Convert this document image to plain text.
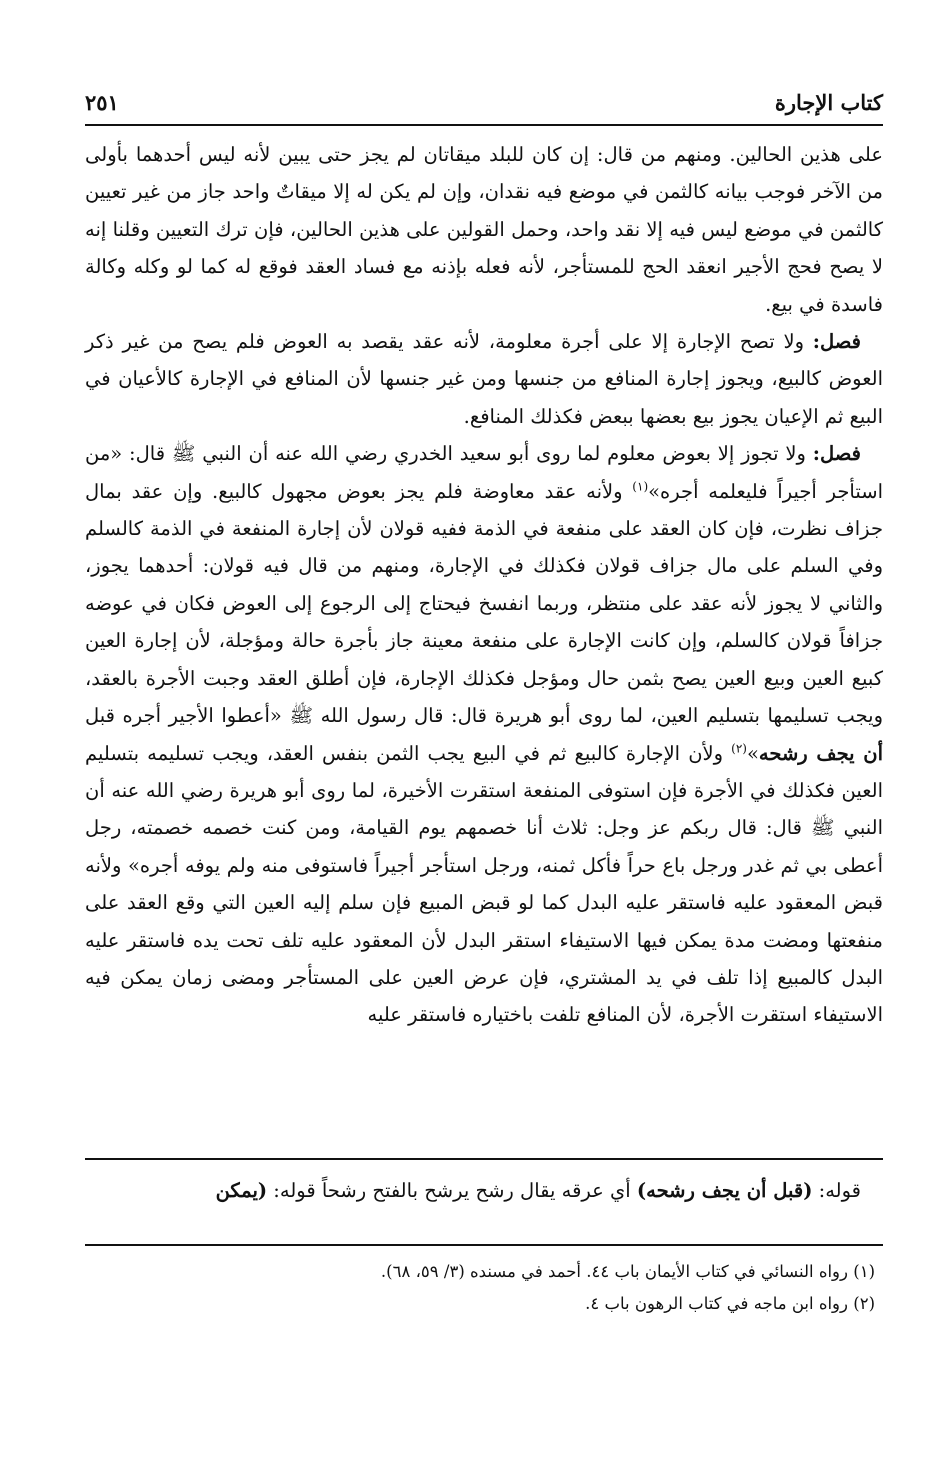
كتاب الإجارة
٢٥١

على هذين الحالين. ومنهم من قال: إن كان للبلد ميقاتان لم يجز حتى يبين لأنه ليس أحدهما بأولى من الآخر فوجب بيانه كالثمن في موضع فيه نقدان، وإن لم يكن له إلا ميقاتٌ واحد جاز من غير تعيين كالثمن في موضع ليس فيه إلا نقد واحد، وحمل القولين على هذين الحالين، فإن ترك التعيين وقلنا إنه لا يصح فحج الأجير انعقد الحج للمستأجر، لأنه فعله بإذنه مع فساد العقد فوقع له كما لو وكله وكالة فاسدة في بيع.

فصل: ولا تصح الإجارة إلا على أجرة معلومة، لأنه عقد يقصد به العوض فلم يصح من غير ذكر العوض كالبيع، ويجوز إجارة المنافع من جنسها ومن غير جنسها لأن المنافع في الإجارة كالأعيان في البيع ثم الإعيان يجوز بيع بعضها ببعض فكذلك المنافع.

فصل: ولا تجوز إلا بعوض معلوم لما روى أبو سعيد الخدري رضي الله عنه أن النبي ﷺ قال: «من استأجر أجيراً فليعلمه أجره»$^{(١)}$ ولأنه عقد معاوضة فلم يجز بعوض مجهول كالبيع. وإن عقد بمال جزاف نظرت، فإن كان العقد على منفعة في الذمة ففيه قولان لأن إجارة المنفعة في الذمة كالسلم وفي السلم على مال جزاف قولان فكذلك في الإجارة، ومنهم من قال فيه قولان: أحدهما يجوز، والثاني لا يجوز لأنه عقد على منتظر، وربما انفسخ فيحتاج إلى الرجوع إلى العوض فكان في عوضه جزافاً قولان كالسلم، وإن كانت الإجارة على منفعة معينة جاز بأجرة حالة ومؤجلة، لأن إجارة العين كبيع العين وبيع العين يصح بثمن حال ومؤجل فكذلك الإجارة، فإن أطلق العقد وجبت الأجرة بالعقد، ويجب تسليمها بتسليم العين، لما روى أبو هريرة قال: قال رسول الله ﷺ «أعطوا الأجير أجره قبل أن يجف رشحه»$^{(٢)}$ ولأن الإجارة كالبيع ثم في البيع يجب الثمن بنفس العقد، ويجب تسليمه بتسليم العين فكذلك في الأجرة فإن استوفى المنفعة استقرت الأخيرة، لما روى أبو هريرة رضي الله عنه أن النبي ﷺ قال: قال ربكم عز وجل: ثلاث أنا خصمهم يوم القيامة، ومن كنت خصمه خصمته، رجل أعطى بي ثم غدر ورجل باع حراً فأكل ثمنه، ورجل استأجر أجيراً فاستوفى منه ولم يوفه أجره» ولأنه قبض المعقود عليه فاستقر عليه البدل كما لو قبض المبيع فإن سلم إليه العين التي وقع العقد على منفعتها ومضت مدة يمكن فيها الاستيفاء استقر البدل لأن المعقود عليه تلف تحت يده فاستقر عليه البدل كالمبيع إذا تلف في يد المشتري، فإن عرض العين على المستأجر ومضى زمان يمكن فيه الاستيفاء استقرت الأجرة، لأن المنافع تلفت باختياره فاستقر عليه

قوله: (قبل أن يجف رشحه) أي عرقه يقال رشح يرشح بالفتح رشحاً قوله: (يمكن

(١) رواه النسائي في كتاب الأيمان باب ٤٤. أحمد في مسنده (٣/ ٥٩، ٦٨).

(٢) رواه ابن ماجه في كتاب الرهون باب ٤.
